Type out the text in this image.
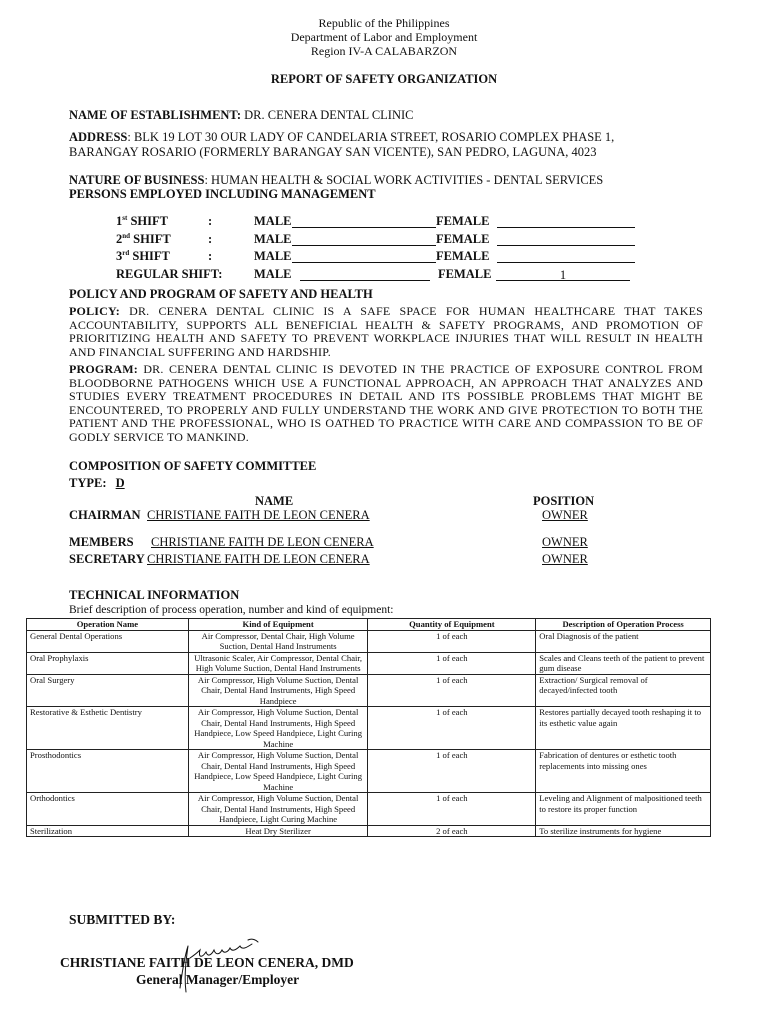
Republic of the Philippines
Department of Labor and Employment
Region IV-A CALABARZON
REPORT OF SAFETY ORGANIZATION
NAME OF ESTABLISHMENT: DR. CENERA DENTAL CLINIC
ADDRESS: BLK 19 LOT 30 OUR LADY OF CANDELARIA STREET, ROSARIO COMPLEX PHASE 1,
BARANGAY ROSARIO (FORMERLY BARANGAY SAN VICENTE), SAN PEDRO, LAGUNA, 4023
NATURE OF BUSINESS: HUMAN HEALTH & SOCIAL WORK ACTIVITIES - DENTAL SERVICES
PERSONS EMPLOYED INCLUDING MANAGEMENT
1st SHIFT	:	MALE	FEMALE
2nd SHIFT	:	MALE	FEMALE
3rd SHIFT	:	MALE	FEMALE
REGULAR SHIFT:	MALE	FEMALE	1
POLICY AND PROGRAM OF SAFETY AND HEALTH
POLICY: DR. CENERA DENTAL CLINIC IS A SAFE SPACE FOR HUMAN HEALTHCARE THAT TAKES ACCOUNTABILITY, SUPPORTS ALL BENEFICIAL HEALTH & SAFETY PROGRAMS, AND PROMOTION OF PRIORITIZING HEALTH AND SAFETY TO PREVENT WORKPLACE INJURIES THAT WILL RESULT IN HEALTH AND FINANCIAL SUFFERING AND HARDSHIP.
PROGRAM: DR. CENERA DENTAL CLINIC IS DEVOTED IN THE PRACTICE OF EXPOSURE CONTROL FROM BLOODBORNE PATHOGENS WHICH USE A FUNCTIONAL APPROACH, AN APPROACH THAT ANALYZES AND STUDIES EVERY TREATMENT PROCEDURES IN DETAIL AND ITS POSSIBLE PROBLEMS THAT MIGHT BE ENCOUNTERED, TO PROPERLY AND FULLY UNDERSTAND THE WORK AND GIVE PROTECTION TO BOTH THE PATIENT AND THE PROFESSIONAL, WHO IS OATHED TO PRACTICE WITH CARE AND COMPASSION TO BE OF GODLY SERVICE TO MANKIND.
COMPOSITION OF SAFETY COMMITTEE
TYPE: D
NAME	POSITION
CHAIRMAN CHRISTIANE FAITH DE LEON CENERA	OWNER
MEMBERS CHRISTIANE FAITH DE LEON CENERA	OWNER
SECRETARY CHRISTIANE FAITH DE LEON CENERA	OWNER
TECHNICAL INFORMATION
Brief description of process operation, number and kind of equipment:
Operation Name	Kind of Equipment	Quantity of Equipment	Description of Operation Process
General Dental Operations	Air Compressor, Dental Chair, High Volume Suction, Dental Hand Instruments	1 of each	Oral Diagnosis of the patient
Oral Prophylaxis	Ultrasonic Scaler, Air Compressor, Dental Chair, High Volume Suction, Dental Hand Instruments	1 of each	Scales and Cleans teeth of the patient to prevent gum disease
Oral Surgery	Air Compressor, High Volume Suction, Dental Chair, Dental Hand Instruments, High Speed Handpiece	1 of each	Extraction/ Surgical removal of decayed/infected tooth
Restorative & Esthetic Dentistry	Air Compressor, High Volume Suction, Dental Chair, Dental Hand Instruments, High Speed Handpiece, Low Speed Handpiece, Light Curing Machine	1 of each	Restores partially decayed tooth reshaping it to its esthetic value again
Prosthodontics	Air Compressor, High Volume Suction, Dental Chair, Dental Hand Instruments, High Speed Handpiece, Low Speed Handpiece, Light Curing Machine	1 of each	Fabrication of dentures or esthetic tooth replacements into missing ones
Orthodontics	Air Compressor, High Volume Suction, Dental Chair, Dental Hand Instruments, High Speed Handpiece, Light Curing Machine	1 of each	Leveling and Alignment of malpositioned teeth to restore its proper function
Sterilization	Heat Dry Sterilizer	2 of each	To sterilize instruments for hygiene
SUBMITTED BY:
CHRISTIANE FAITH DE LEON CENERA, DMD
General Manager/Employer
